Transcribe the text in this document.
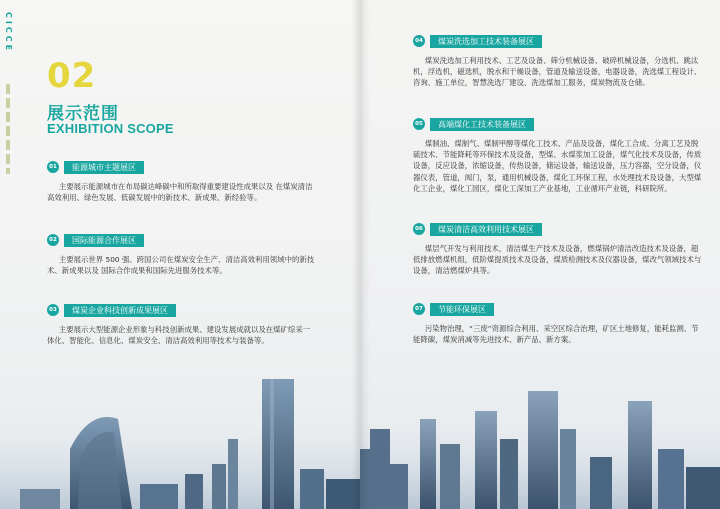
CICCE
02
展示范围
EXHIBITION SCOPE
01	能源城市主题展区
主要展示能源城市在布局碳达峰碳中和所取得重要建设性成果以及 在煤炭清洁高效利用、绿色发展、低碳发展中的新技术、新成果、新经验等。
02	国际能源合作展区
主要展示世界 500 强、跨国公司在煤炭安全生产、清洁高效利用领域中的新技术、新成果以及 国际合作成果和国际先进服务技术等。
03	煤炭企业科技创新成果展区
主要展示大型能源企业形象与科技创新成果、建设发展成就以及在煤矿综采一体化、智能化、信息化、煤炭安全、清洁高效利用等技术与装备等。
04	煤炭洗选加工技术装备展区
煤炭洗选加工利用技术、工艺及设备、筛分机械设备、破碎机械设备，分选机、跳汰机，浮选机，磁选机，脱水和干燥设备，管道及输送设备，电器设备，洗选煤工程设计、咨询、施工单位，智慧洗选厂建设、洗选煤加工服务，煤炭物流及仓储。
05	高端煤化工技术装备展区
煤制油、煤制气、煤制甲醇等煤化工技术、产品及设备，煤化工合成、分离工艺及脱硫技术、节能降耗等环保技术及设备，型煤、水煤浆加工设备，煤气化技术及设备，传质设备，反应设备，浓缩设备，传热设备，储运设备，输送设备，压力容器，空分设备，仪器仪表，管道，阀门，泵，通用机械设备，煤化工环保工程，水处理技术及设备，大型煤化工企业，煤化工园区，煤化工深加工产业基地，工业循环产业链，科研院所。
06	煤炭清洁高效利用技术展区
煤层气开发与利用技术，清洁煤生产技术及设备，燃煤锅炉清洁改造技术及设备，超低排放燃煤机组，低阶煤提质技术及设备，煤质检测技术及仪器设备，煤改气领域技术与设备，清洁燃煤炉具等。
07	节能环保展区
污染物治理，“三废”资源综合利用、采空区综合治理，矿区土地修复，能耗监测、节能降碳，煤炭消减等先进技术、新产品、新方案。
